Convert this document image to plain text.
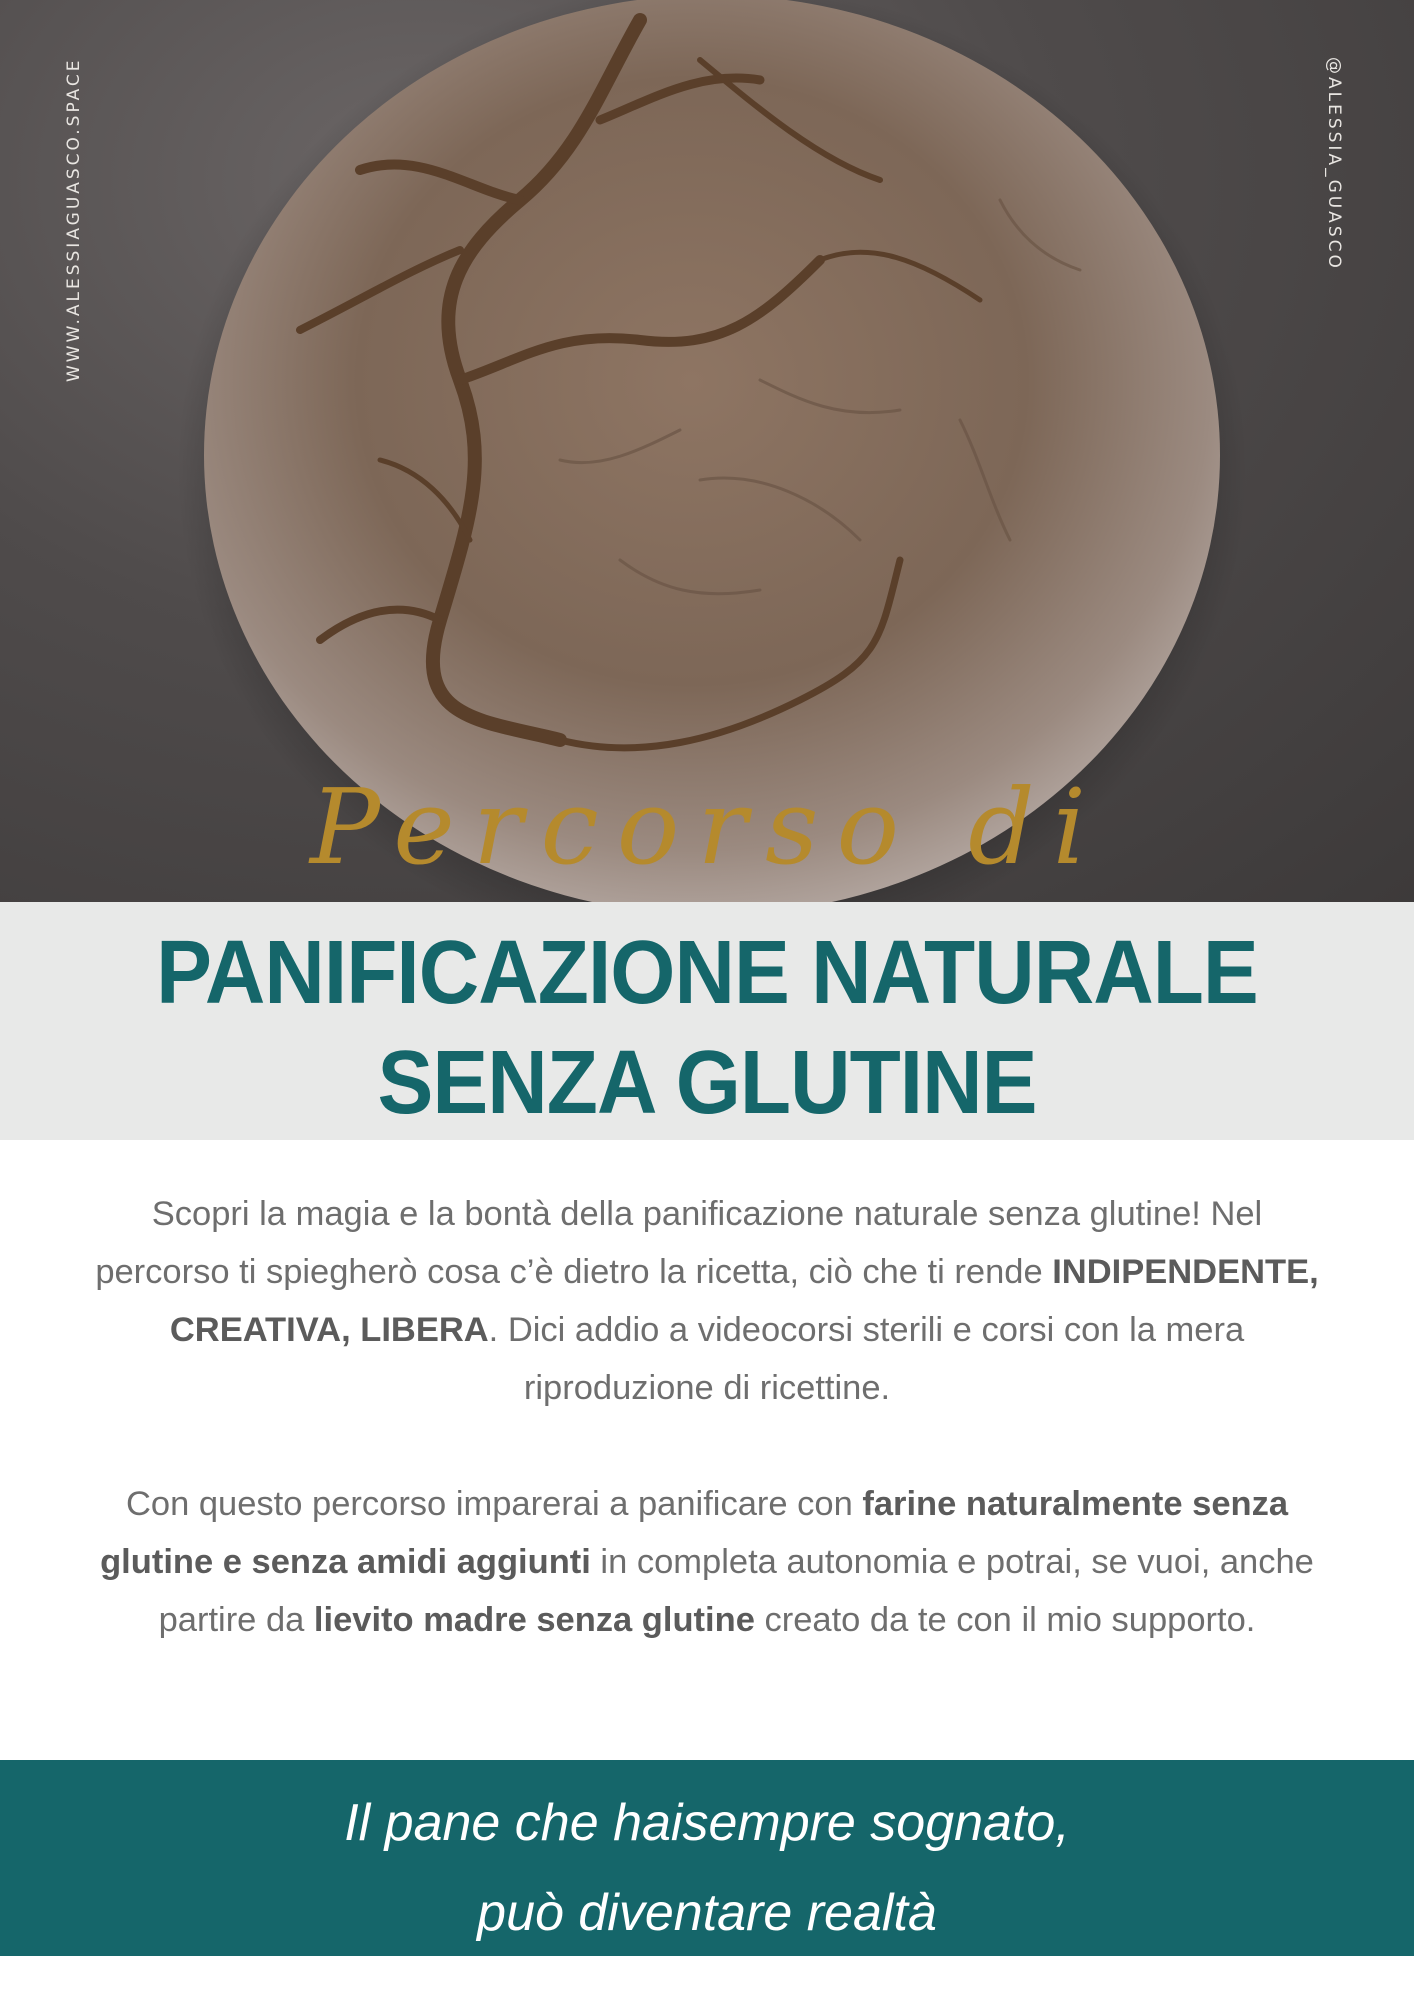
WWW.ALESSIAGUASCO.SPACE	@ALESSIA_GUASCO
Percorso di
PANIFICAZIONE NATURALE
SENZA GLUTINE
Scopri la magia e la bontà della panificazione naturale senza glutine! Nel percorso ti spiegherò cosa c’è dietro la ricetta, ciò che ti rende INDIPENDENTE, CREATIVA, LIBERA. Dici addio a videocorsi sterili e corsi con la mera riproduzione di ricettine.
Con questo percorso imparerai a panificare con farine naturalmente senza glutine e senza amidi aggiunti in completa autonomia e potrai, se vuoi, anche partire da lievito madre senza glutine creato da te con il mio supporto.
Il pane che haisempre sognato,
può diventare realtà
